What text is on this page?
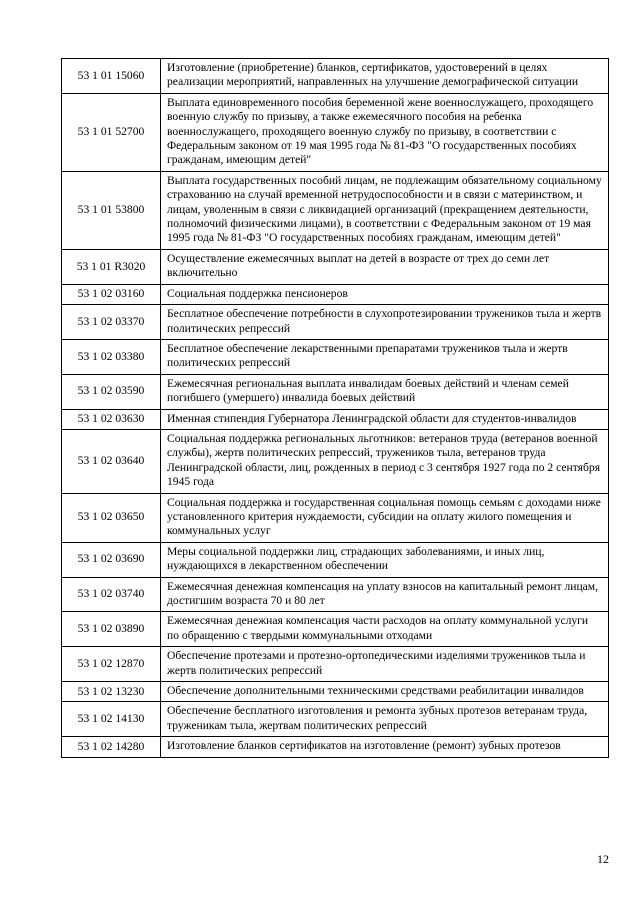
53 1 01 15060	Изготовление (приобретение) бланков, сертификатов, удостоверений в целях реализации мероприятий, направленных на улучшение демографической ситуации
53 1 01 52700	Выплата единовременного пособия беременной жене военнослужащего, проходящего военную службу по призыву, а также ежемесячного пособия на ребенка военнослужащего, проходящего военную службу по призыву, в соответствии с Федеральным законом от 19 мая 1995 года № 81-ФЗ "О государственных пособиях гражданам, имеющим детей"
53 1 01 53800	Выплата государственных пособий лицам, не подлежащим обязательному социальному страхованию на случай временной нетрудоспособности и в связи с материнством, и лицам, уволенным в связи с ликвидацией организаций (прекращением деятельности, полномочий физическими лицами), в соответствии с Федеральным законом от 19 мая 1995 года № 81-ФЗ "О государственных пособиях гражданам, имеющим детей"
53 1 01 R3020	Осуществление ежемесячных выплат на детей в возрасте от трех до семи лет включительно
53 1 02 03160	Социальная поддержка пенсионеров
53 1 02 03370	Бесплатное обеспечение потребности в слухопротезировании тружеников тыла и жертв политических репрессий
53 1 02 03380	Бесплатное обеспечение лекарственными препаратами тружеников тыла и жертв политических репрессий
53 1 02 03590	Ежемесячная региональная выплата инвалидам боевых действий и членам семей погибшего (умершего) инвалида боевых действий
53 1 02 03630	Именная стипендия Губернатора Ленинградской области для студентов-инвалидов
53 1 02 03640	Социальная поддержка региональных льготников: ветеранов труда (ветеранов военной службы), жертв политических репрессий, тружеников тыла, ветеранов труда Ленинградской области, лиц, рожденных в период с 3 сентября 1927 года по 2 сентября 1945 года
53 1 02 03650	Социальная поддержка и государственная социальная помощь семьям с доходами ниже установленного критерия нуждаемости, субсидии на оплату жилого помещения и коммунальных услуг
53 1 02 03690	Меры социальной поддержки лиц, страдающих заболеваниями, и иных лиц, нуждающихся в лекарственном обеспечении
53 1 02 03740	Ежемесячная денежная компенсация на уплату взносов на капитальный ремонт лицам, достигшим возраста 70 и 80 лет
53 1 02 03890	Ежемесячная денежная компенсация части расходов на оплату коммунальной услуги по обращению с твердыми коммунальными отходами
53 1 02 12870	Обеспечение протезами и протезно-ортопедическими изделиями тружеников тыла и жертв политических репрессий
53 1 02 13230	Обеспечение дополнительными техническими средствами реабилитации инвалидов
53 1 02 14130	Обеспечение бесплатного изготовления и ремонта зубных протезов ветеранам труда, труженикам тыла, жертвам политических репрессий
53 1 02 14280	Изготовление бланков сертификатов на изготовление (ремонт) зубных протезов
12
